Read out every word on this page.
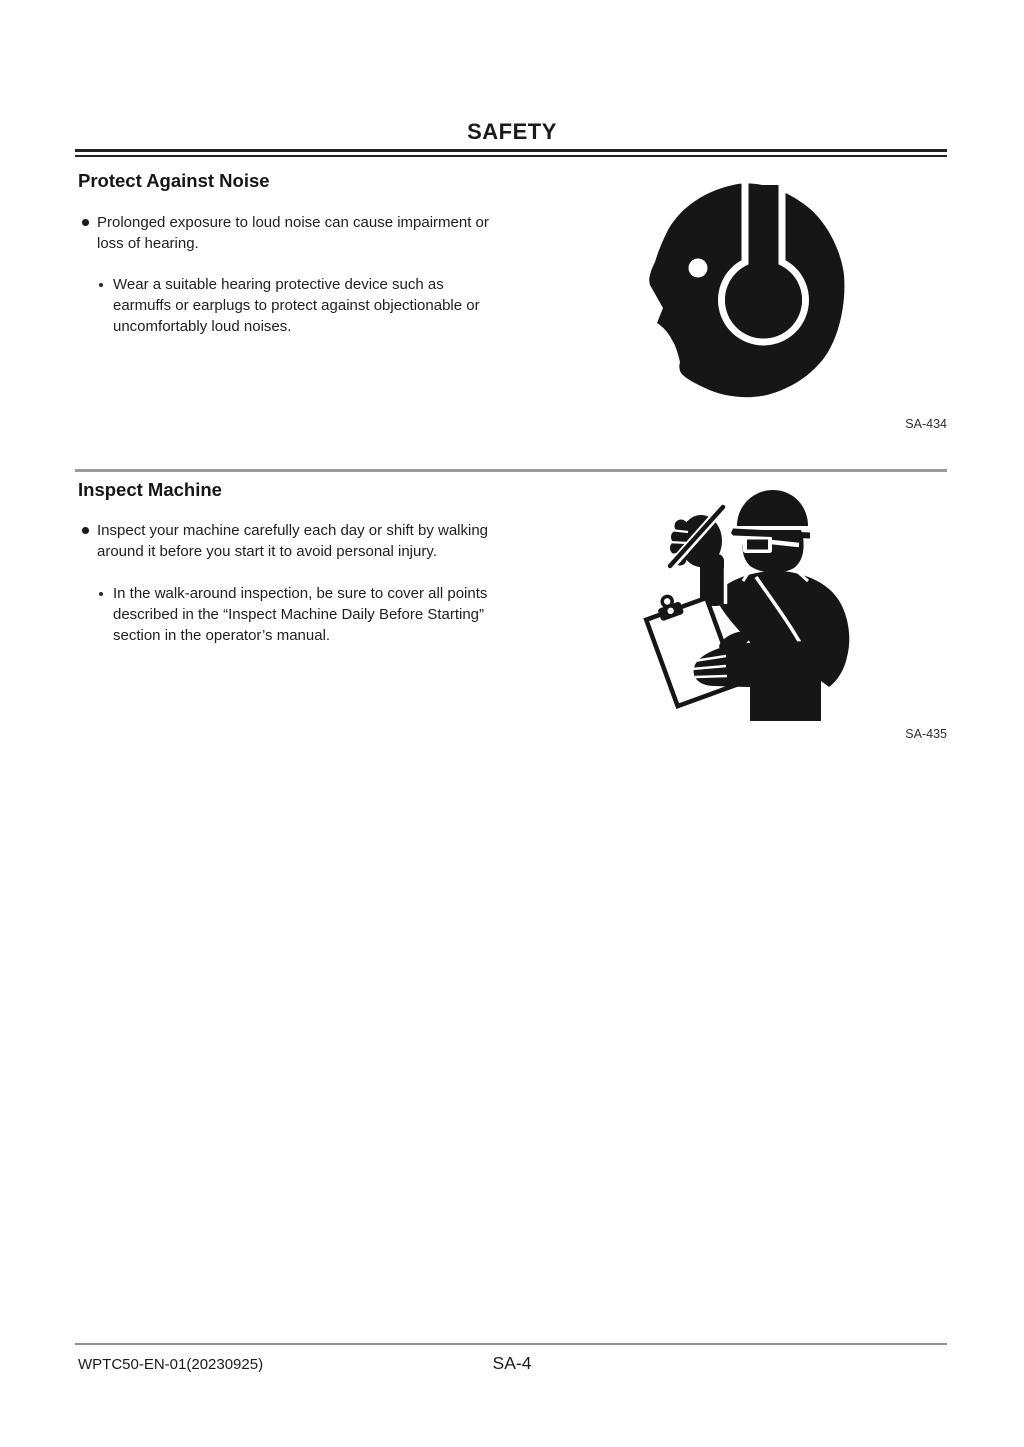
SAFETY
Protect Against Noise

Prolonged exposure to loud noise can cause impairment or

loss of hearing.

Wear a suitable hearing protective device such as

earmuffs or earplugs to protect against objectionable or

uncomfortably loud noises.

SA-434
Inspect Machine

Inspect your machine carefully each day or shift by walking

around it before you start it to avoid personal injury.

In the walk-around inspection, be sure to cover all points

described in the “Inspect Machine Daily Before Starting”

section in the operator’s manual.

SA-435
WPTC50-EN-01(20230925)	SA-4
